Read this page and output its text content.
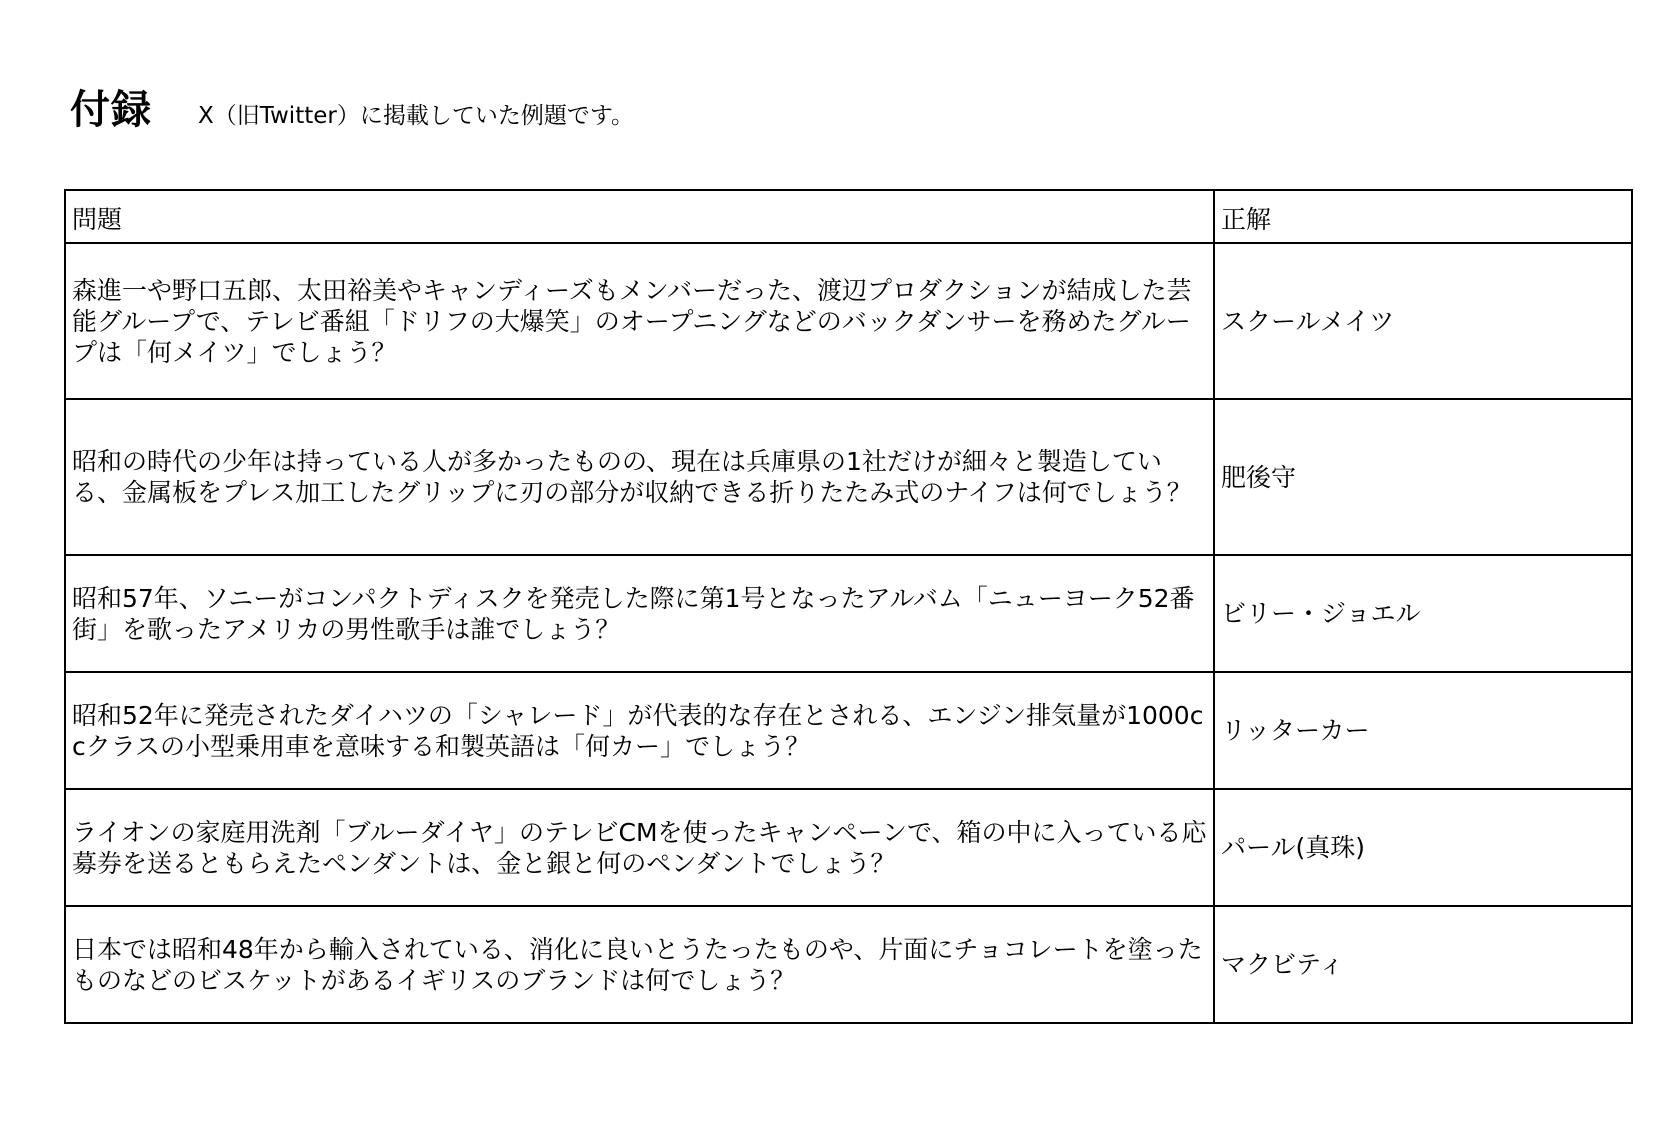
付録 X（旧Twitter）に掲載していた例題です。
問題	正解
森進一や野口五郎、太田裕美やキャンディーズもメンバーだった、渡辺プロダクションが結成した芸能グループで、テレビ番組「ドリフの大爆笑」のオープニングなどのバックダンサーを務めたグループは「何メイツ」でしょう？	スクールメイツ
昭和の時代の少年は持っている人が多かったものの、現在は兵庫県の1社だけが細々と製造している、金属板をプレス加工したグリップに刃の部分が収納できる折りたたみ式のナイフは何でしょう？	肥後守
昭和57年、ソニーがコンパクトディスクを発売した際に第1号となったアルバム「ニューヨーク52番街」を歌ったアメリカの男性歌手は誰でしょう？	ビリー・ジョエル
昭和52年に発売されたダイハツの「シャレード」が代表的な存在とされる、エンジン排気量が1000ccクラスの小型乗用車を意味する和製英語は「何カー」でしょう？	リッターカー
ライオンの家庭用洗剤「ブルーダイヤ」のテレビCMを使ったキャンペーンで、箱の中に入っている応募券を送るともらえたペンダントは、金と銀と何のペンダントでしょう？	パール(真珠)
日本では昭和48年から輸入されている、消化に良いとうたったものや、片面にチョコレートを塗ったものなどのビスケットがあるイギリスのブランドは何でしょう？	マクビティ
